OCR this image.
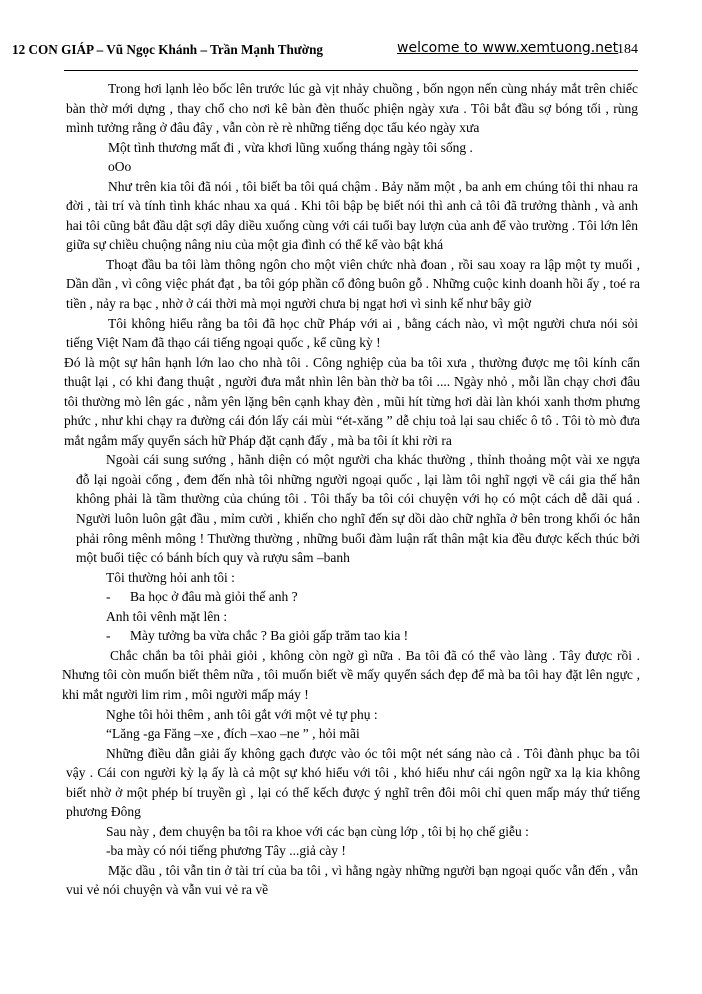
12 CON GIÁP – Vũ Ngọc Khánh – Trần Mạnh Thường	welcome to www.xemtuong.net
184

Trong hơi lạnh lẻo bốc lên trước lúc gà vịt nhảy chuồng , bốn ngọn nến cùng nháy mắt trên chiếc bàn thờ mới dựng , thay chổ cho nơi kê bàn đèn thuốc phiện ngày xưa . Tôi bắt đầu sợ bóng tối , rùng mình tưởng rằng ở đâu đây , vẫn còn rè rè những tiếng dọc tẩu kéo ngày xưa

Một tình thương mất đi , vừa khơi lũng xuống tháng ngày tôi sống .

oOo

Như trên kia tôi đã nói , tôi biết ba tôi quá chậm . Bảy năm một , ba anh em chúng tôi thi nhau ra đời , tài trí và tính tình khác nhau xa quá . Khi tôi bập bẹ biết nói thì anh cả tôi đã trưởng thành , và anh hai tôi cũng bắt đầu dật sợi dây diều xuống cùng với cái tuổi bay lượn của anh để vào trường . Tôi lớn lên giữa sự chiều chuộng nâng niu của một gia đình có thể kể vào bật khá

Thoạt đầu ba tôi làm thông ngôn cho một viên chức nhà đoan , rồi sau xoay ra lập một ty muối , Dần dần , vì công việc phát đạt , ba tôi góp phần cổ đông buôn gỗ . Những cuộc kinh doanh hồi ấy , toé ra tiền , nảy ra bạc , nhờ ở cái thời mà mọi người chưa bị ngạt hơi vì sinh kế như bây giờ

Tôi không hiểu rằng ba tôi đã học chữ Pháp với ai , bằng cách nào, vì một người chưa nói sỏi tiếng Việt Nam đã thạo cái tiếng ngoại quốc , kể cũng kỳ !

Đó là một sự hân hạnh lớn lao cho nhà tôi . Công nghiệp của ba tôi xưa , thường được mẹ tôi kính cẩn thuật lại , có khi đang thuật , người đưa mắt nhìn lên bàn thờ ba tôi .... Ngày nhỏ , mỗi lần chạy chơi đâu tôi thường mò lên gác , nằm yên lặng bên cạnh khay đèn , mũi hít từng hơi dài làn khói xanh thơm phưng phức , như khi chạy ra đường cái đón lấy cái mùi “ét-xăng ” dễ chịu toả lại sau chiếc ô tô . Tôi tò mò đưa mắt ngắm mấy quyển sách hữ Pháp đặt cạnh đấy , mà ba tôi ít khi rời ra

Ngoài cái sung sướng , hãnh diện có một người cha khác thường , thỉnh thoảng một vài xe ngựa đỗ lại ngoài cổng , đem đến nhà tôi những người ngoại quốc , lại làm tôi nghĩ ngợi về cái gia thế hẳn không phải là tầm thường của chúng tôi . Tôi thấy ba tôi cói chuyện với họ có một cách dễ dãi quá . Người luôn luôn gật đầu , mỉm cười , khiến cho nghĩ đến sự dồi dào chữ nghĩa ở bên trong khối óc hẳn phải rông mênh mông ! Thường thường , những buổi đàm luận rất thân mật kia đều được kếch thúc bởi một buổi tiệc có bánh bích quy và rượu sâm –banh

Tôi thường hỏi anh tôi :

- Ba học ở đâu mà giỏi thế anh ?

Anh tôi vênh mặt lên :

- Mày tưởng ba vừa chắc ? Ba giỏi gấp trăm tao kia !

Chắc chắn ba tôi phải giỏi , không còn ngờ gì nữa . Ba tôi đã có thể vào làng . Tây được rồi . Nhưng tôi còn muốn biết thêm nữa , tôi muốn biết về mấy quyển sách đẹp để mà ba tôi hay đặt lên ngực , khi mắt người lim rim , môi người mấp máy !

Nghe tôi hỏi thêm , anh tôi gắt với một vẻ tự phụ :

“Lăng -ga Făng –xe , đích –xao –ne ” , hỏi mãi

Những điều dẫn giải ấy không gạch được vào óc tôi một nét sáng nào cả . Tôi đành phục ba tôi vậy . Cái con người kỳ lạ ấy là cả một sự khó hiểu với tôi , khó hiểu như cái ngôn ngữ xa lạ kia không biết nhờ ở một phép bí truyền gì , lại có thể kếch được ý nghĩ trên đôi môi chỉ quen mấp máy thứ tiếng phương Đông

Sau này , đem chuyện ba tôi ra khoe với các bạn cùng lớp , tôi bị họ chế giễu :

-ba mày có nói tiếng phương Tây ...giả cày !

Mặc dầu , tôi vẫn tin ở tài trí của ba tôi , vì hằng ngày những người bạn ngoại quốc vẫn đến , vẫn vui vẻ nói chuyện và vẫn vui vẻ ra về
